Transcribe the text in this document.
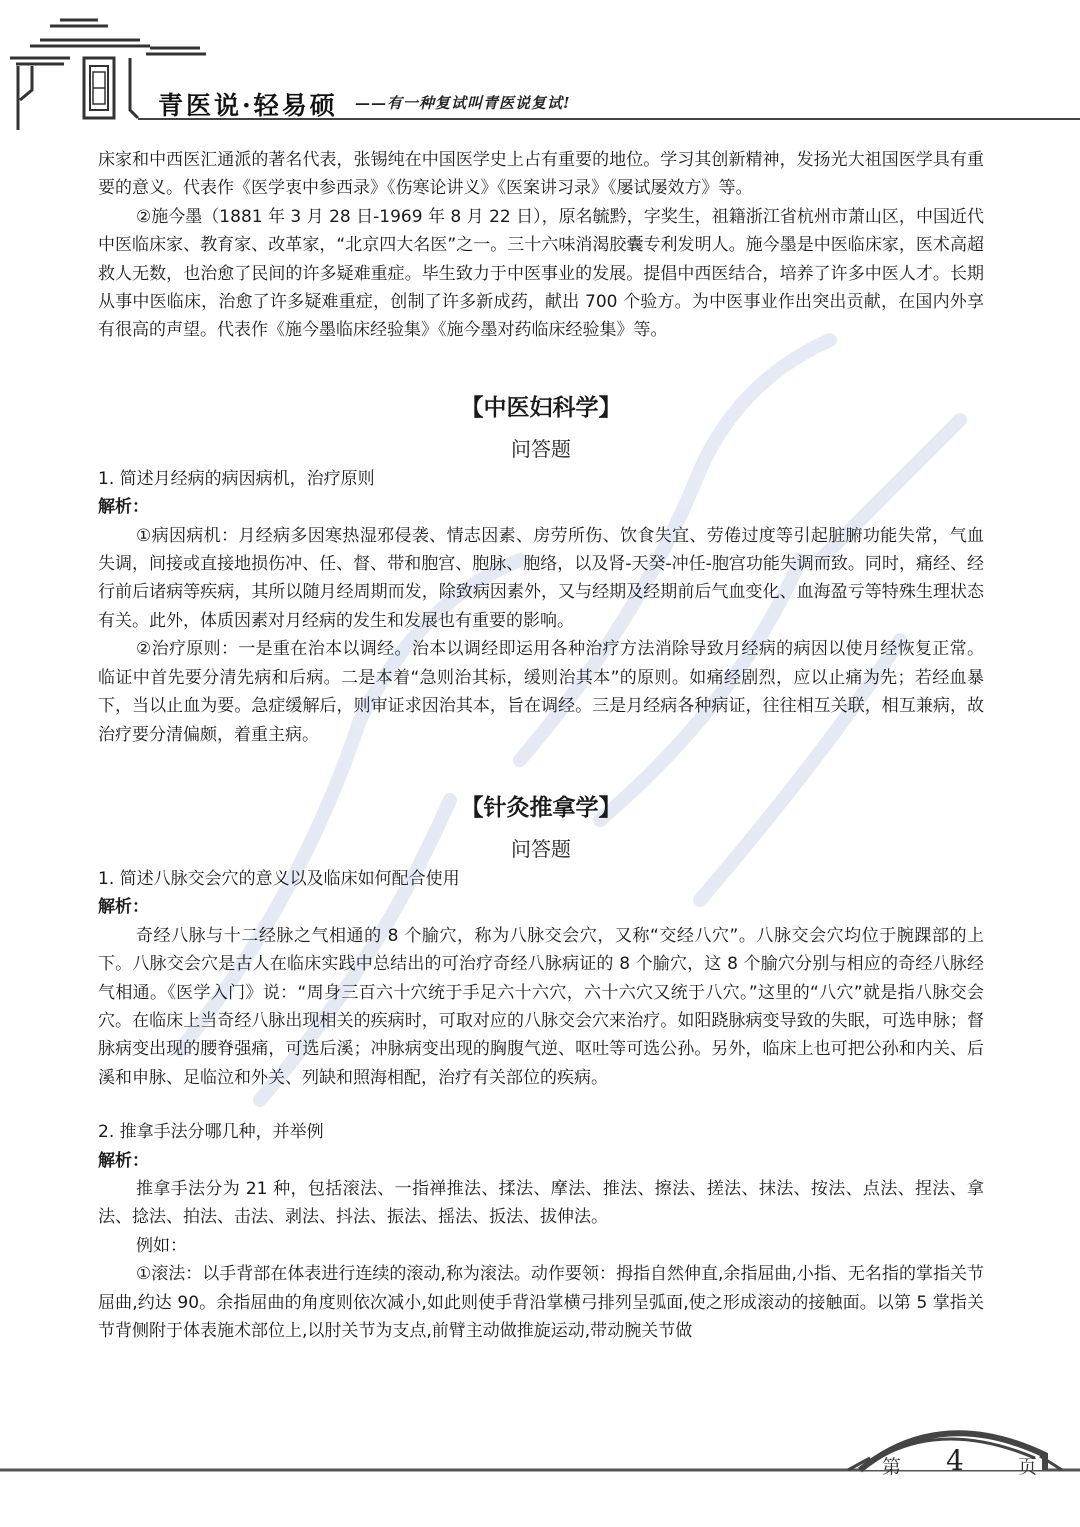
青医说·轻易硕 ——有一种复试叫青医说复试!

床家和中西医汇通派的著名代表，张锡纯在中国医学史上占有重要的地位。学习其创新精神，发扬光大祖国医学具有重要的意义。代表作《医学衷中参西录》《伤寒论讲义》《医案讲习录》《屡试屡效方》等。

②施今墨（1881 年 3 月 28 日-1969 年 8 月 22 日），原名毓黔，字奖生，祖籍浙江省杭州市萧山区，中国近代中医临床家、教育家、改革家，“北京四大名医”之一。三十六味消渴胶囊专利发明人。施今墨是中医临床家，医术高超救人无数，也治愈了民间的许多疑难重症。毕生致力于中医事业的发展。提倡中西医结合，培养了许多中医人才。长期从事中医临床，治愈了许多疑难重症，创制了许多新成药，献出 700 个验方。为中医事业作出突出贡献，在国内外享有很高的声望。代表作《施今墨临床经验集》《施今墨对药临床经验集》等。

【中医妇科学】

问答题

1. 简述月经病的病因病机，治疗原则

解析：

①病因病机：月经病多因寒热湿邪侵袭、情志因素、房劳所伤、饮食失宜、劳倦过度等引起脏腑功能失常，气血失调，间接或直接地损伤冲、任、督、带和胞宫、胞脉、胞络，以及肾-天癸-冲任-胞宫功能失调而致。同时，痛经、经行前后诸病等疾病，其所以随月经周期而发，除致病因素外，又与经期及经期前后气血变化、血海盈亏等特殊生理状态有关。此外，体质因素对月经病的发生和发展也有重要的影响。

②治疗原则：一是重在治本以调经。治本以调经即运用各种治疗方法消除导致月经病的病因以使月经恢复正常。临证中首先要分清先病和后病。二是本着“急则治其标，缓则治其本”的原则。如痛经剧烈，应以止痛为先；若经血暴下，当以止血为要。急症缓解后，则审证求因治其本，旨在调经。三是月经病各种病证，往往相互关联，相互兼病，故治疗要分清偏颇，着重主病。

【针灸推拿学】

问答题

1. 简述八脉交会穴的意义以及临床如何配合使用

解析：

奇经八脉与十二经脉之气相通的 8 个腧穴，称为八脉交会穴，又称“交经八穴”。八脉交会穴均位于腕踝部的上下。八脉交会穴是古人在临床实践中总结出的可治疗奇经八脉病证的 8 个腧穴，这 8 个腧穴分别与相应的奇经八脉经气相通。《医学入门》说：“周身三百六十穴统于手足六十六穴，六十六穴又统于八穴。”这里的“八穴”就是指八脉交会穴。在临床上当奇经八脉出现相关的疾病时，可取对应的八脉交会穴来治疗。如阳跷脉病变导致的失眠，可选申脉；督脉病变出现的腰脊强痛，可选后溪；冲脉病变出现的胸腹气逆、呕吐等可选公孙。另外，临床上也可把公孙和内关、后溪和申脉、足临泣和外关、列缺和照海相配，治疗有关部位的疾病。

2. 推拿手法分哪几种，并举例

解析：

推拿手法分为 21 种，包括滚法、一指禅推法、揉法、摩法、推法、擦法、搓法、抹法、按法、点法、捏法、拿法、捻法、拍法、击法、剥法、抖法、振法、摇法、扳法、拔伸法。

例如：

①滚法：以手背部在体表进行连续的滚动,称为滚法。动作要领：拇指自然伸直,余指屈曲,小指、无名指的掌指关节屈曲,约达 90。余指屈曲的角度则依次减小,如此则使手背沿掌横弓排列呈弧面,使之形成滚动的接触面。以第 5 掌指关节背侧附于体表施术部位上,以肘关节为支点,前臂主动做推旋运动,带动腕关节做

第 4	页
